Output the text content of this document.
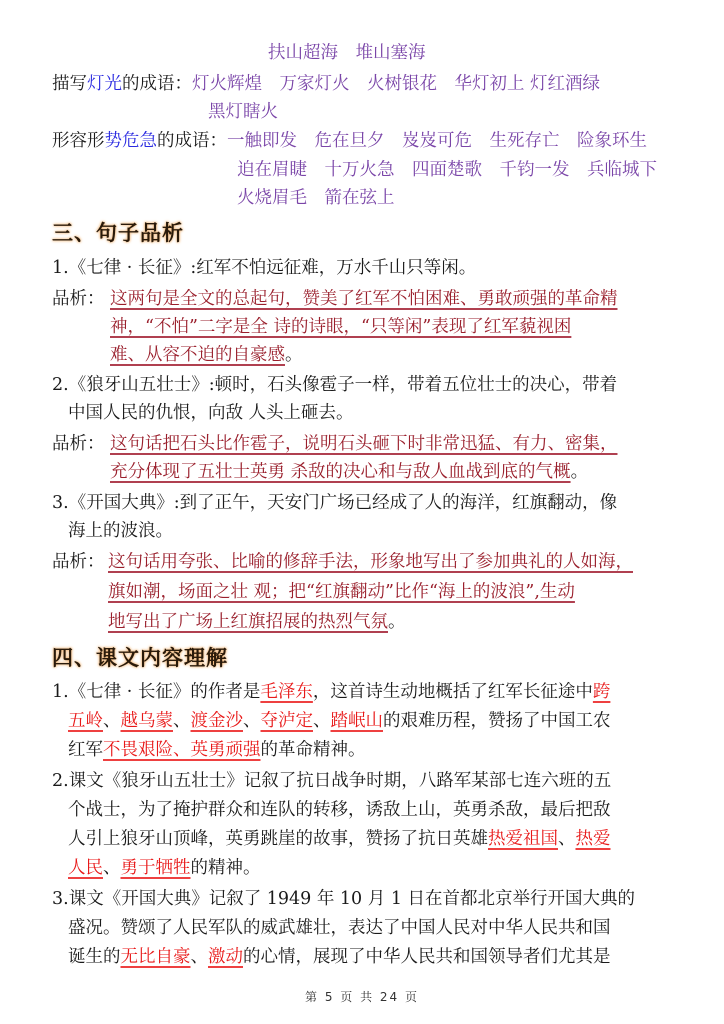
扶山超海　堆山塞海
描写灯光的成语：灯火辉煌　万家灯火　火树银花　华灯初上 灯红酒绿
黑灯瞎火
形容形势危急的成语：一触即发　危在旦夕　岌岌可危　生死存亡　险象环生
迫在眉睫　十万火急　四面楚歌　千钧一发　兵临城下
火烧眉毛　箭在弦上
三、句子品析
1.《七律 · 长征》:红军不怕远征难，万水千山只等闲。
品析： 这两句是全文的总起句，赞美了红军不怕困难、勇敢顽强的革命精
神，“不怕”二字是全 诗的诗眼，“只等闲”表现了红军藐视困
难、从容不迫的自豪感。
2.《狼牙山五壮士》:顿时，石头像雹子一样，带着五位壮士的决心，带着
中国人民的仇恨，向敌 人头上砸去。
品析： 这句话把石头比作雹子，说明石头砸下时非常迅猛、有力、密集，
充分体现了五壮士英勇 杀敌的决心和与敌人血战到底的气概。
3.《开国大典》:到了正午，天安门广场已经成了人的海洋，红旗翻动，像
海上的波浪。
品析： 这句话用夸张、比喻的修辞手法，形象地写出了参加典礼的人如海，
旗如潮，场面之壮 观；把“红旗翻动”比作“海上的波浪”,生动
地写出了广场上红旗招展的热烈气氛。
四、课文内容理解
1.《七律 · 长征》的作者是毛泽东，这首诗生动地概括了红军长征途中跨
五岭、越乌蒙、渡金沙、夺泸定、踏岷山的艰难历程，赞扬了中国工农
红军不畏艰险、英勇顽强的革命精神。
2.课文《狼牙山五壮士》记叙了抗日战争时期，八路军某部七连六班的五
个战士，为了掩护群众和连队的转移，诱敌上山，英勇杀敌，最后把敌
人引上狼牙山顶峰，英勇跳崖的故事，赞扬了抗日英雄热爱祖国、热爱
人民、勇于牺牲的精神。
3.课文《开国大典》记叙了 1949 年 10 月 1 日在首都北京举行开国大典的
盛况。赞颂了人民军队的威武雄壮，表达了中国人民对中华人民共和国
诞生的无比自豪、激动的心情，展现了中华人民共和国领导者们尤其是
第 5 页 共 24 页
